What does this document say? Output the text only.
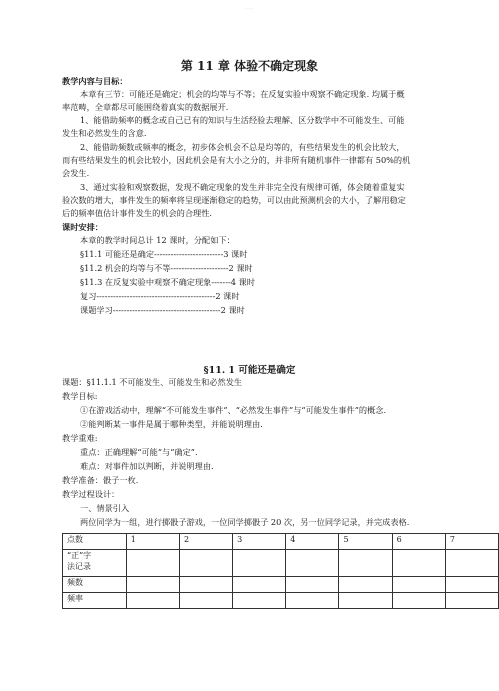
· · ·
第 11 章 体验不确定现象
教学内容与目标：
本章有三节：可能还是确定；机会的均等与不等；在反复实验中观察不确定现象. 均属于概
率范畴，全章都尽可能围绕着真实的数据展开.
1、能借助频率的概念或自己已有的知识与生活经验去理解、区分数学中不可能发生、可能
发生和必然发生的含意.
2、能借助频数或频率的概念，初步体会机会不总是均等的，有些结果发生的机会比较大，
而有些结果发生的机会比较小，因此机会是有大小之分的，并非所有随机事件一律都有 50%的机
会发生.
3、通过实验和观察数据，发现不确定现象的发生并非完全没有规律可循，体会随着重复实
验次数的增大，事件发生的频率将呈现逐渐稳定的趋势，可以由此预测机会的大小，了解用稳定
后的频率值估计事件发生的机会的合理性.
课时安排：
本章的教学时间总计 12 课时，分配如下：
§11.1 可能还是确定-------------------------3 课时
§11.2 机会的均等与不等---------------------2 课时
§11.3 在反复实验中观察不确定现象-------4 课时
复习-------------------------------------------2 课时
课题学习---------------------------------------2 课时
§11. 1 可能还是确定
课题：§11.1.1 不可能发生、可能发生和必然发生
教学目标:
①在游戏活动中，理解“不可能发生事件”、“必然发生事件”与“可能发生事件”的概念.
②能判断某一事件是属于哪种类型，并能说明理由.
教学重难:
重点：正确理解“可能”与“确定”.
难点：对事件加以判断，并说明理由.
教学准备：骰子一枚.
教学过程设计：
一、情景引入
两位同学为一组，进行掷骰子游戏，一位同学掷骰子 20 次，另一位同学记录，并完成表格.
点数	1	2	3	4	5	6	7

“正”字
法记录							

频数							
频率							
